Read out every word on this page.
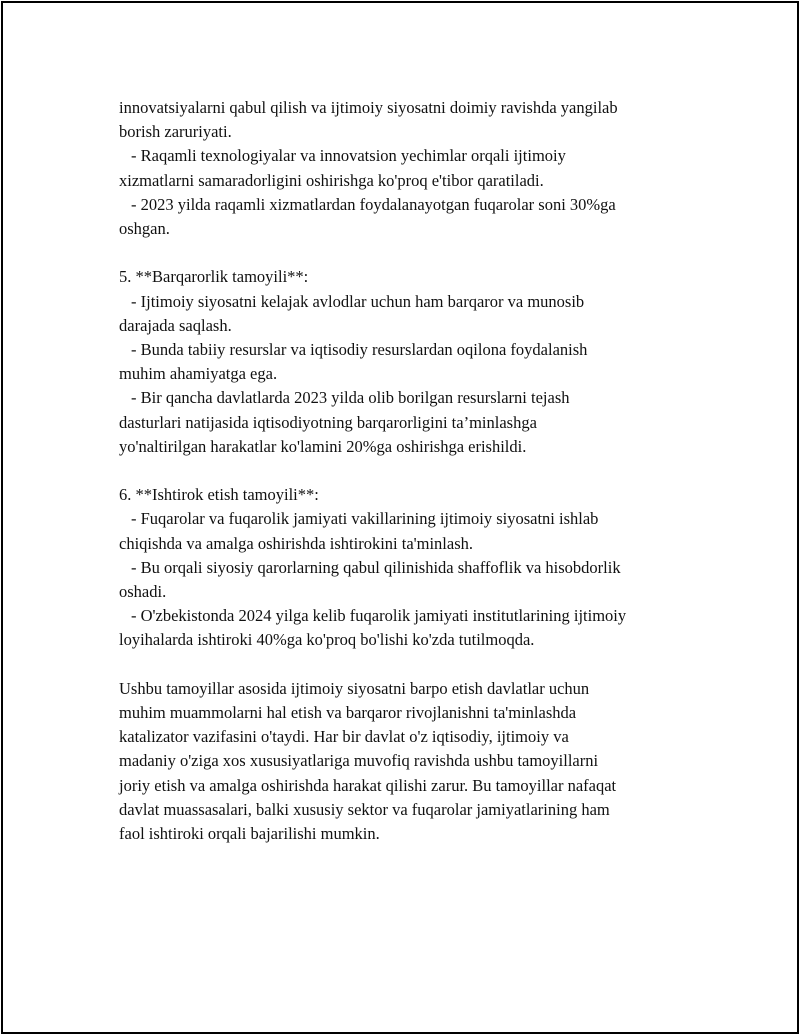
innovatsiyalarni qabul qilish va ijtimoiy siyosatni doimiy ravishda yangilab
borish zaruriyati.
- Raqamli texnologiyalar va innovatsion yechimlar orqali ijtimoiy
xizmatlarni samaradorligini oshirishga ko'proq e'tibor qaratiladi.
- 2023 yilda raqamli xizmatlardan foydalanayotgan fuqarolar soni 30%ga
oshgan.
5. **Barqarorlik tamoyili**:
- Ijtimoiy siyosatni kelajak avlodlar uchun ham barqaror va munosib
darajada saqlash.
- Bunda tabiiy resurslar va iqtisodiy resurslardan oqilona foydalanish
muhim ahamiyatga ega.
- Bir qancha davlatlarda 2023 yilda olib borilgan resurslarni tejash
dasturlari natijasida iqtisodiyotning barqarorligini ta’minlashga
yo'naltirilgan harakatlar ko'lamini 20%ga oshirishga erishildi.
6. **Ishtirok etish tamoyili**:
- Fuqarolar va fuqarolik jamiyati vakillarining ijtimoiy siyosatni ishlab
chiqishda va amalga oshirishda ishtirokini ta'minlash.
- Bu orqali siyosiy qarorlarning qabul qilinishida shaffoflik va hisobdorlik
oshadi.
- O'zbekistonda 2024 yilga kelib fuqarolik jamiyati institutlarining ijtimoiy
loyihalarda ishtiroki 40%ga ko'proq bo'lishi ko'zda tutilmoqda.
Ushbu tamoyillar asosida ijtimoiy siyosatni barpo etish davlatlar uchun
muhim muammolarni hal etish va barqaror rivojlanishni ta'minlashda
katalizator vazifasini o'taydi. Har bir davlat o'z iqtisodiy, ijtimoiy va
madaniy o'ziga xos xususiyatlariga muvofiq ravishda ushbu tamoyillarni
joriy etish va amalga oshirishda harakat qilishi zarur. Bu tamoyillar nafaqat
davlat muassasalari, balki xususiy sektor va fuqarolar jamiyatlarining ham
faol ishtiroki orqali bajarilishi mumkin.
